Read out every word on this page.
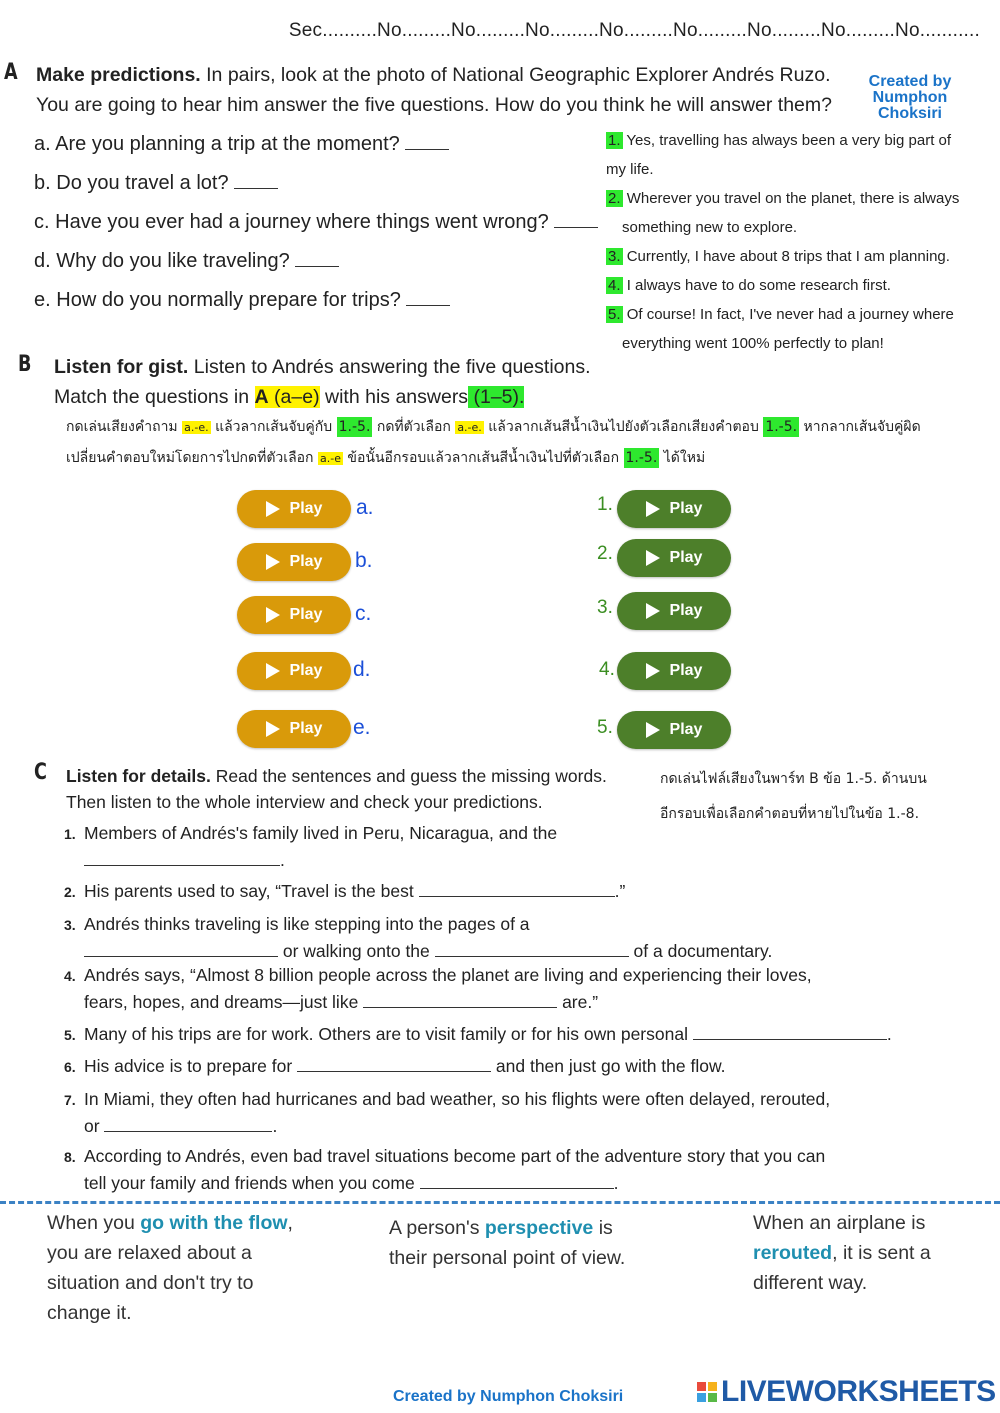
Sec..........No.........No.........No.........No.........No.........No.........No.........No...........
A Make predictions. In pairs, look at the photo of National Geographic Explorer Andrés Ruzo.
You are going to hear him answer the five questions. How do you think he will answer them?
Created by
Numphon
Choksiri
a. Are you planning a trip at the moment?
b. Do you travel a lot?
c. Have you ever had a journey where things went wrong?
d. Why do you like traveling?
e. How do you normally prepare for trips?
1. Yes, travelling has always been a very big part of
my life.
2. Wherever you travel on the planet, there is always
something new to explore.
3. Currently, I have about 8 trips that I am planning.
4. I always have to do some research first.
5. Of course! In fact, I've never had a journey where
everything went 100% perfectly to plan!
B Listen for gist. Listen to Andrés answering the five questions.
Match the questions in A (a–e) with his answers (1–5).
กดเล่นเสียงคำถาม a.-e. แล้วลากเส้นจับคู่กับ 1.-5. กดที่ตัวเลือก a.-e. แล้วลากเส้นสีน้ำเงินไปยังตัวเลือกเสียงคำตอบ 1.-5. หากลากเส้นจับคู่ผิด
เปลี่ยนคำตอบใหม่โดยการไปกดที่ตัวเลือก a.-e ข้อนั้นอีกรอบแล้วลากเส้นสีน้ำเงินไปที่ตัวเลือก 1.-5. ได้ใหม่
Play
Play
Play
Play
Play
a.
b.
c.
d.
e.
1.
2.
3.
4.
5.
Play
Play
Play
Play
Play
C Listen for details. Read the sentences and guess the missing words.
Then listen to the whole interview and check your predictions.
กดเล่นไฟล์เสียงในพาร์ท B ข้อ 1.-5. ด้านบน
อีกรอบเพื่อเลือกคำตอบที่หายไปในข้อ 1.-8.
1. Members of Andrés's family lived in Peru, Nicaragua, and the
.
2. His parents used to say, “Travel is the best	.”
3. Andrés thinks traveling is like stepping into the pages of a
or walking onto the	of a documentary.
4. Andrés says, “Almost 8 billion people across the planet are living and experiencing their loves,
fears, hopes, and dreams—just like	are.”
5. Many of his trips are for work. Others are to visit family or for his own personal	.
6. His advice is to prepare for	and then just go with the flow.
7. In Miami, they often had hurricanes and bad weather, so his flights were often delayed, rerouted,
or	.
8. According to Andrés, even bad travel situations become part of the adventure story that you can
tell your family and friends when you come	.
When you go with the flow,
you are relaxed about a
situation and don't try to
change it.
A person's perspective is
their personal point of view.
When an airplane is
rerouted, it is sent a
different way.
Created by Numphon Choksiri	LIVEWORKSHEETS
